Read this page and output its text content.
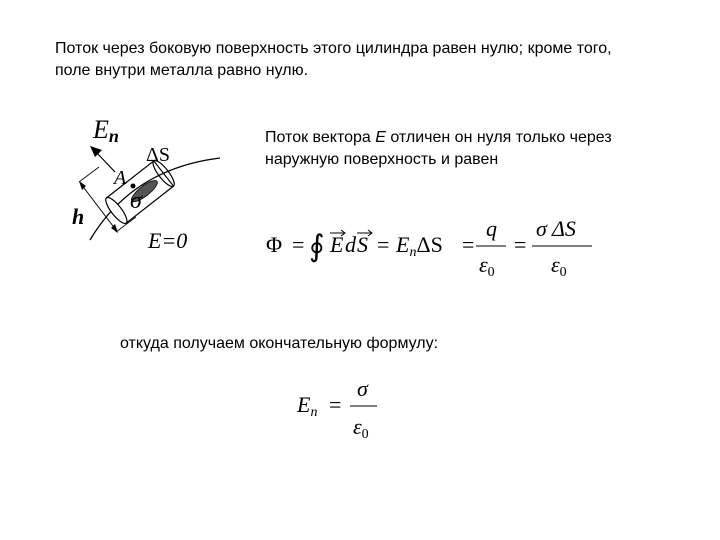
Поток через боковую поверхность этого цилиндра равен нулю; кроме того,
поле внутри металла равно нулю.
Поток вектора E отличен он нуля только через
наружную поверхность и равен
откуда получаем окончательную формулу:
En
ΔS
A
σ
h
E=0	Φ = ∮ E d S = EnΔS =
q
ε0
=
σ ΔS
ε0
En =
σ
ε0
